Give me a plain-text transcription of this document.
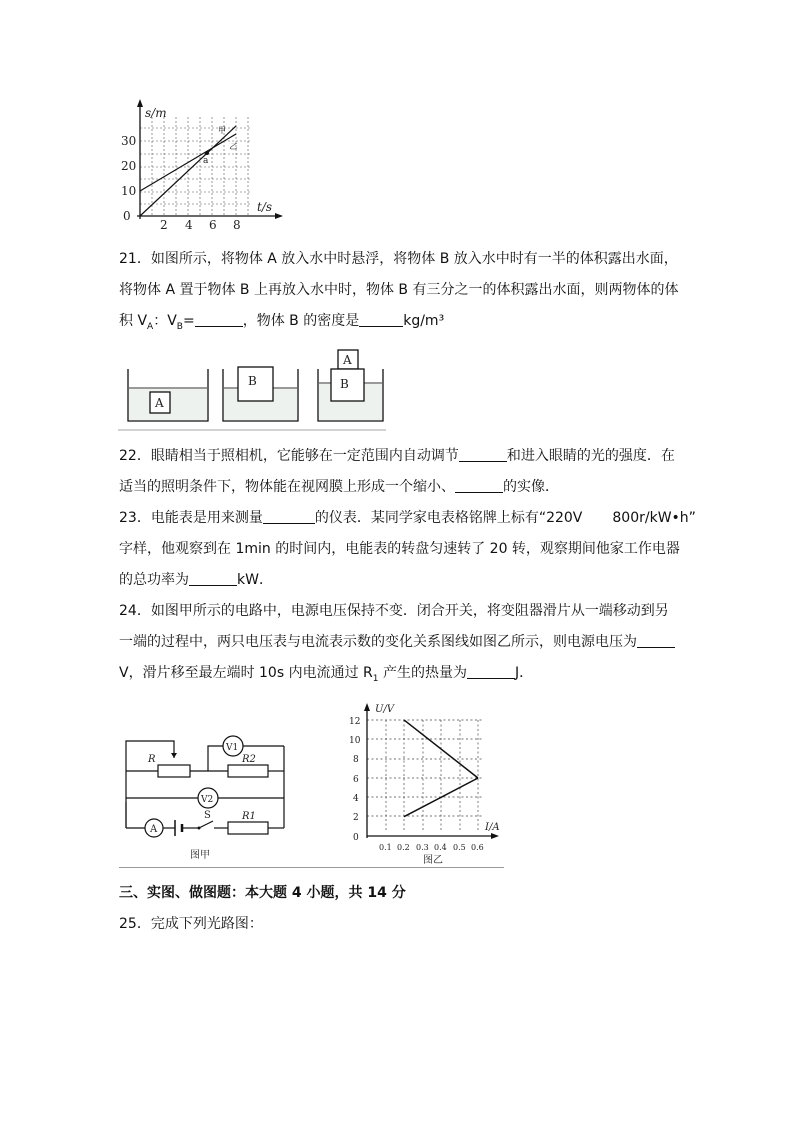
s/m
t/s
0
10
20
30
2 4 6 8
甲
乙
a
21．如图所示，将物体 A 放入水中时悬浮，将物体 B 放入水中时有一半的体积露出水面，
将物体 A 置于物体 B 上再放入水中时，物体 B 有三分之一的体积露出水面，则两物体的体
积 $V_A$：$V_B=$	，物体 B 的密度是	kg/m³
A
B
A
B
22．眼睛相当于照相机，它能够在一定范围内自动调节	和进入眼睛的光的强度．在
适当的照明条件下，物体能在视网膜上形成一个缩小、	的实像．
23．电能表是用来测量	的仪表．某同学家电表格铭牌上标有“220V 800r/kW•h”
字样，他观察到在 1min 的时间内，电能表的转盘匀速转了 20 转，观察期间他家工作电器
的总功率为	kW．
24．如图甲所示的电路中，电源电压保持不变．闭合开关，将变阻器滑片从一端移动到另
一端的过程中，两只电压表与电流表示数的变化关系图线如图乙所示，则电源电压为
V，滑片移至最左端时 10s 内电流通过 $R_1$ 产生的热量为	J．
R	R2
V1
V2
A
S	R1
图甲
U/V
I/A
0
2
4
6
8
10
12
0.1 0.2 0.3 0.4 0.5 0.6
图乙
三、实图、做图题：本大题 4 小题，共 14 分
25．完成下列光路图：
